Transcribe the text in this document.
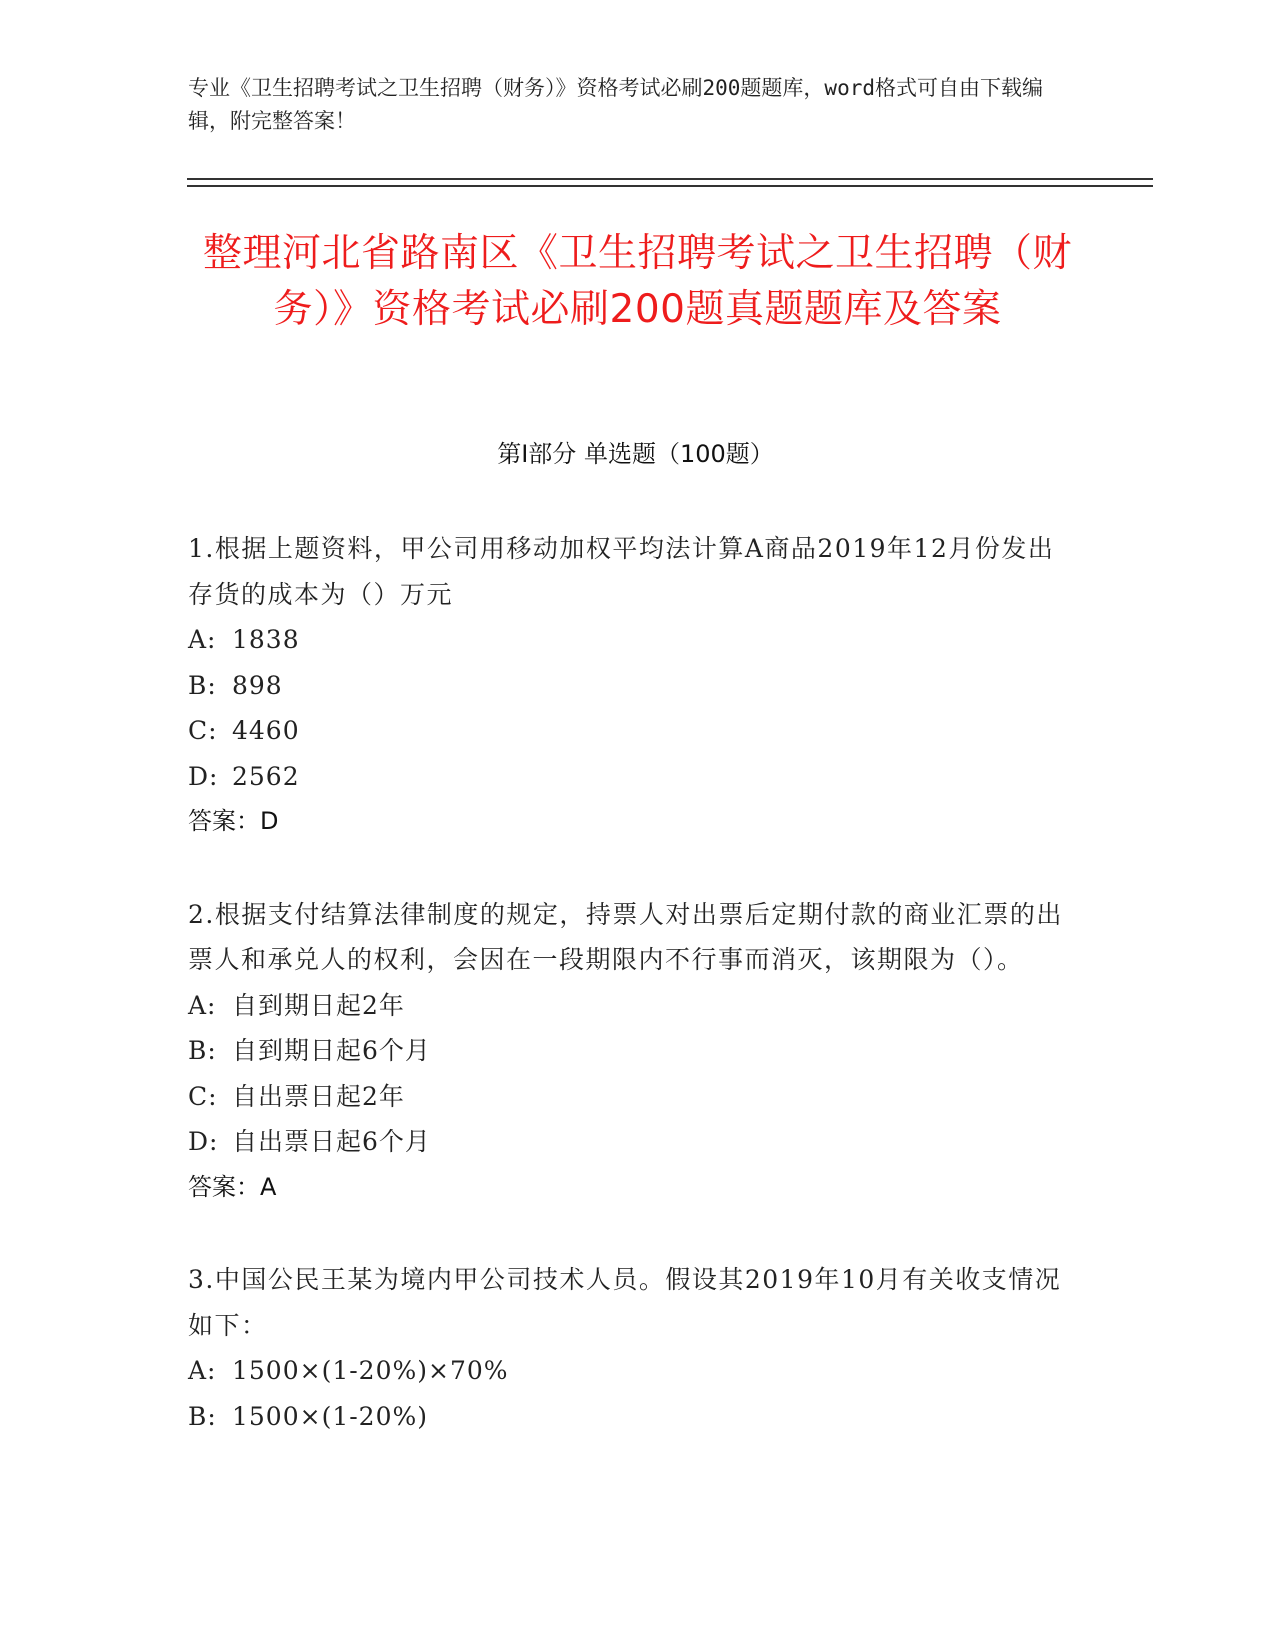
专业《卫生招聘考试之卫生招聘（财务）》资格考试必刷200题题库，word格式可自由下载编辑，附完整答案！
整理河北省路南区《卫生招聘考试之卫生招聘（财务）》资格考试必刷200题真题题库及答案
第Ⅰ部分 单选题（100题）
1.根据上题资料，甲公司用移动加权平均法计算A商品2019年12月份发出存货的成本为（）万元
A: 1838
B: 898
C: 4460
D: 2562
答案：D
2.根据支付结算法律制度的规定，持票人对出票后定期付款的商业汇票的出票人和承兑人的权利，会因在一段期限内不行事而消灭，该期限为（）。
A: 自到期日起2年
B: 自到期日起6个月
C: 自出票日起2年
D: 自出票日起6个月
答案：A
3.中国公民王某为境内甲公司技术人员。假设其2019年10月有关收支情况如下：
A: 1500×(1-20%)×70%
B: 1500×(1-20%)
